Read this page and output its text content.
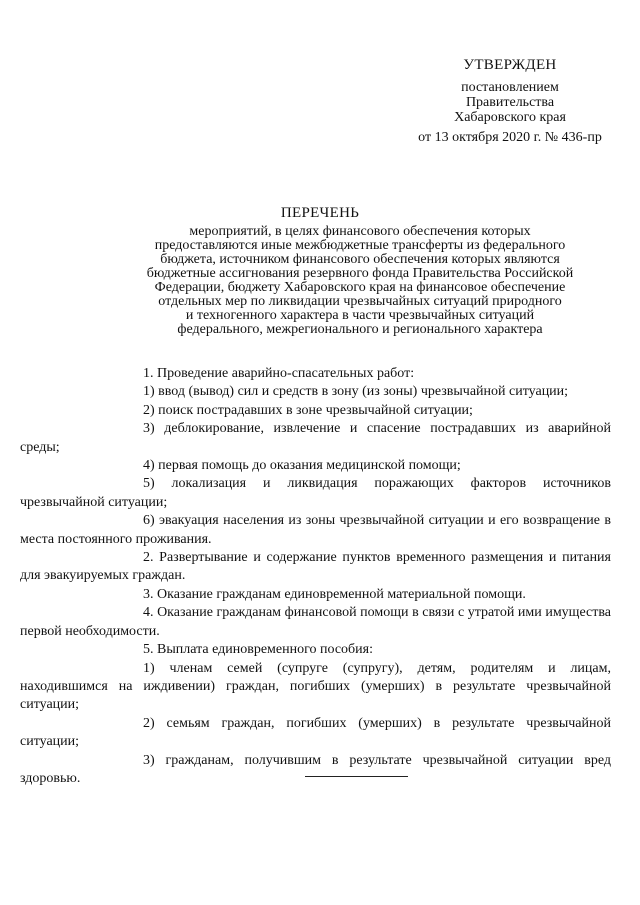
УТВЕРЖДЕН
постановлением
Правительства
Хабаровского края
от 13 октября 2020 г. № 436-пр
ПЕРЕЧЕНЬ
мероприятий, в целях финансового обеспечения которых
предоставляются иные межбюджетные трансферты из федерального
бюджета, источником финансового обеспечения которых являются
бюджетные ассигнования резервного фонда Правительства Российской
Федерации, бюджету Хабаровского края на финансовое обеспечение
отдельных мер по ликвидации чрезвычайных ситуаций природного
и техногенного характера в части чрезвычайных ситуаций
федерального, межрегионального и регионального характера

1. Проведение аварийно-спасательных работ:

1) ввод (вывод) сил и средств в зону (из зоны) чрезвычайной ситуации;

2) поиск пострадавших в зоне чрезвычайной ситуации;

3) деблокирование, извлечение и спасение пострадавших из аварийной среды;

4) первая помощь до оказания медицинской помощи;

5) локализация и ликвидация поражающих факторов источников чрезвычайной ситуации;

6) эвакуация населения из зоны чрезвычайной ситуации и его возвращение в места постоянного проживания.

2. Развертывание и содержание пунктов временного размещения и питания для эвакуируемых граждан.

3. Оказание гражданам единовременной материальной помощи.

4. Оказание гражданам финансовой помощи в связи с утратой ими имущества первой необходимости.

5. Выплата единовременного пособия:

1) членам семей (супруге (супругу), детям, родителям и лицам, находившимся на иждивении) граждан, погибших (умерших) в результате чрезвычайной ситуации;

2) семьям граждан, погибших (умерших) в результате чрезвычайной ситуации;

3) гражданам, получившим в результате чрезвычайной ситуации вред здоровью.
